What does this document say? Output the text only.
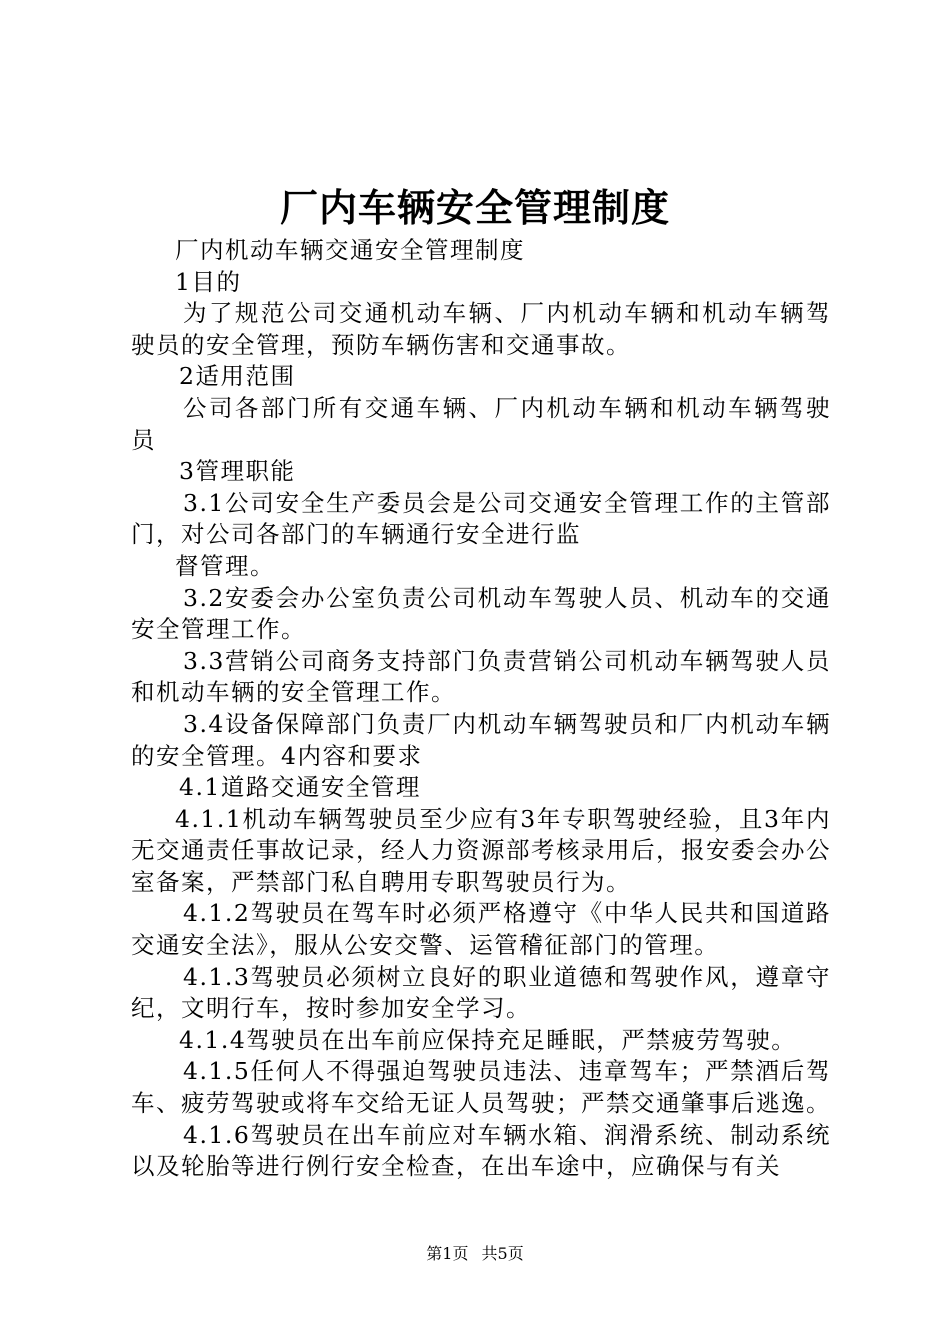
厂内车辆安全管理制度

厂内机动车辆交通安全管理制度

1目的

为了规范公司交通机动车辆、厂内机动车辆和机动车辆驾驶员的安全管理，预防车辆伤害和交通事故。

2适用范围

公司各部门所有交通车辆、厂内机动车辆和机动车辆驾驶员

3管理职能

3.1公司安全生产委员会是公司交通安全管理工作的主管部门，对公司各部门的车辆通行安全进行监

督管理。

3.2安委会办公室负责公司机动车驾驶人员、机动车的交通安全管理工作。

3.3营销公司商务支持部门负责营销公司机动车辆驾驶人员和机动车辆的安全管理工作。

3.4设备保障部门负责厂内机动车辆驾驶员和厂内机动车辆的安全管理。4内容和要求

4.1道路交通安全管理

4.1.1机动车辆驾驶员至少应有3年专职驾驶经验，且3年内无交通责任事故记录，经人力资源部考核录用后，报安委会办公室备案，严禁部门私自聘用专职驾驶员行为。

4.1.2驾驶员在驾车时必须严格遵守《中华人民共和国道路交通安全法》，服从公安交警、运管稽征部门的管理。

4.1.3驾驶员必须树立良好的职业道德和驾驶作风，遵章守纪，文明行车，按时参加安全学习。

4.1.4驾驶员在出车前应保持充足睡眠，严禁疲劳驾驶。

4.1.5任何人不得强迫驾驶员违法、违章驾车；严禁酒后驾车、疲劳驾驶或将车交给无证人员驾驶；严禁交通肇事后逃逸。

4.1.6驾驶员在出车前应对车辆水箱、润滑系统、制动系统以及轮胎等进行例行安全检查，在出车途中，应确保与有关

第1页 共5页
